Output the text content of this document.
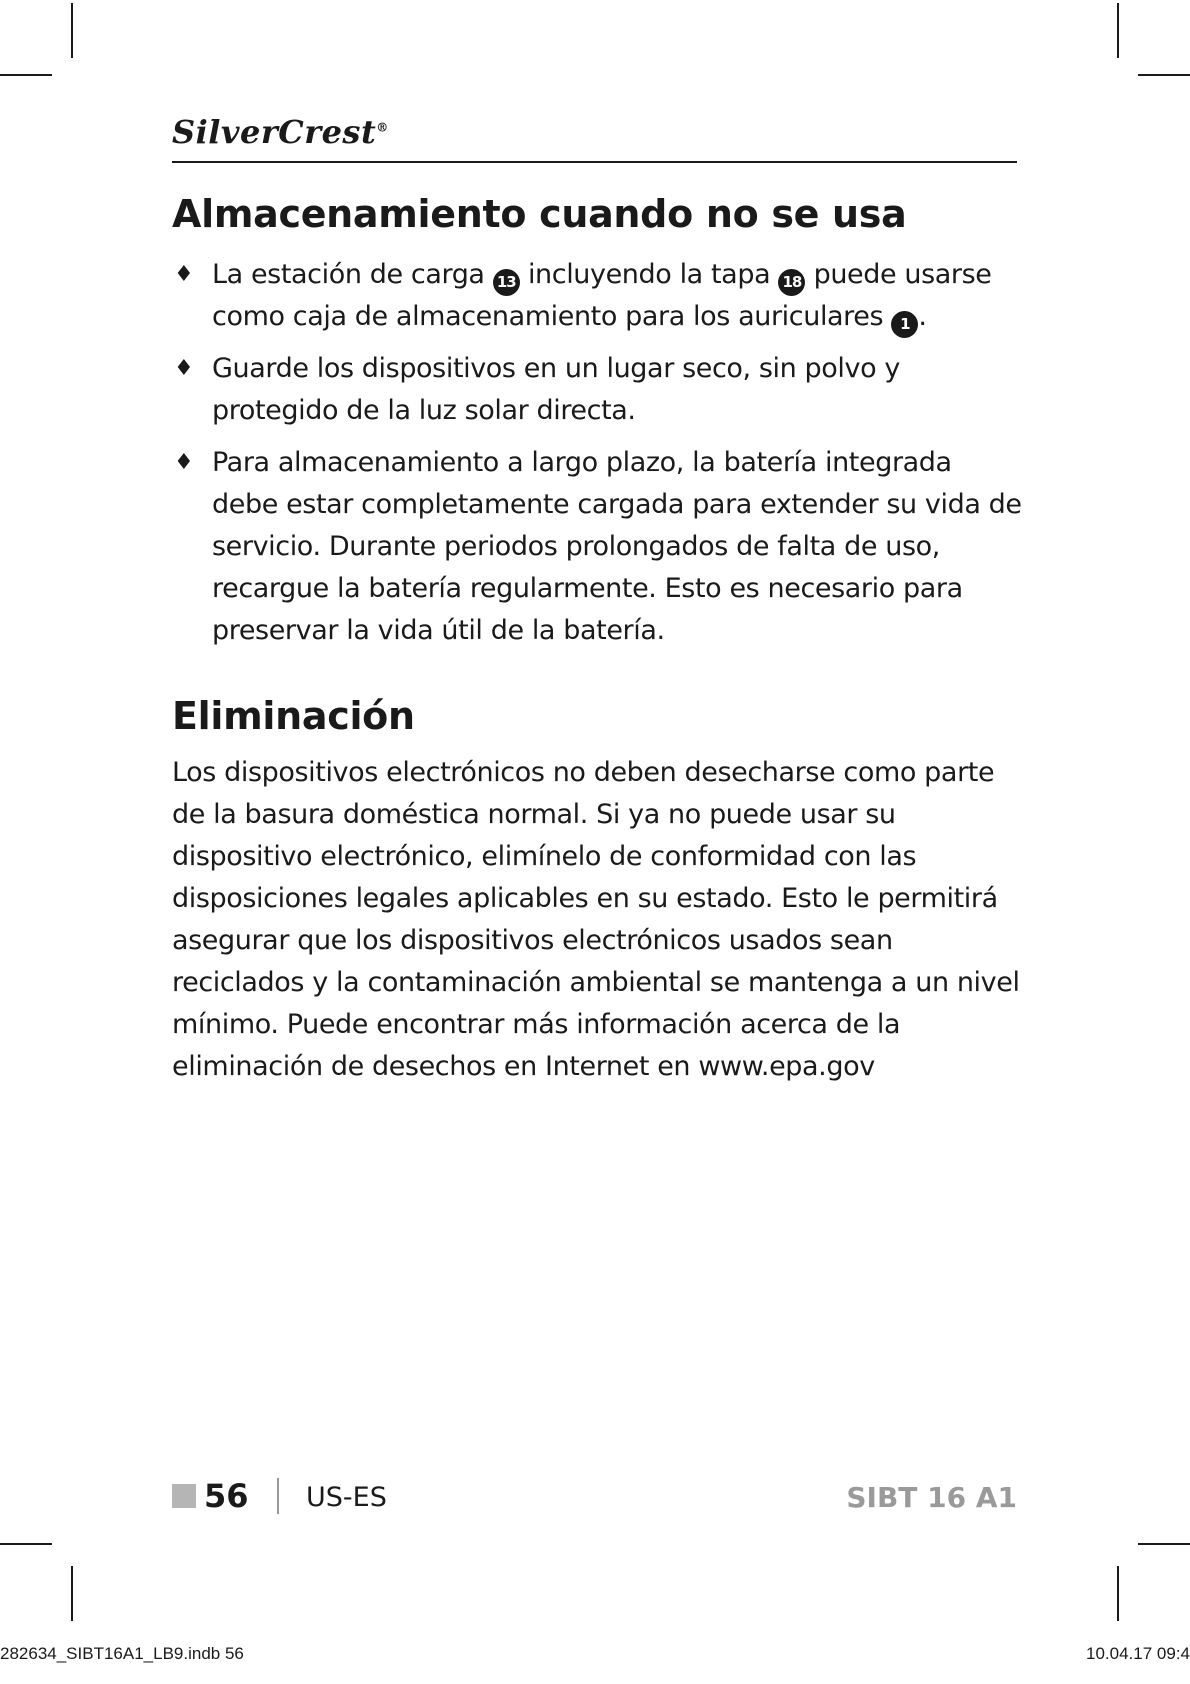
SilverCrest®
Almacenamiento cuando no se usa
♦ La estación de carga 13 incluyendo la tapa 18 puede usarse como caja de almacenamiento para los auriculares 1 .
♦ Guarde los dispositivos en un lugar seco, sin polvo y protegido de la luz solar directa.
♦ Para almacenamiento a largo plazo, la batería integrada debe estar completamente cargada para extender su vida de servicio. Durante periodos prolongados de falta de uso, recargue la batería regularmente. Esto es necesario para preservar la vida útil de la batería.
Eliminación

Los dispositivos electrónicos no deben desecharse como parte de la basura doméstica normal. Si ya no puede usar su dispositivo electrónico, elimínelo de conformidad con las disposiciones legales aplicables en su estado. Esto le permitirá asegurar que los dispositivos electrónicos usados sean reciclados y la contaminación ambiental se mantenga a un nivel mínimo. Puede encontrar más información acerca de la eliminación de desechos en Internet en www.epa.gov

56 US-ES	SIBT 16 A1
282634_SIBT16A1_LB9.indb 56	10.04.17 09:4
